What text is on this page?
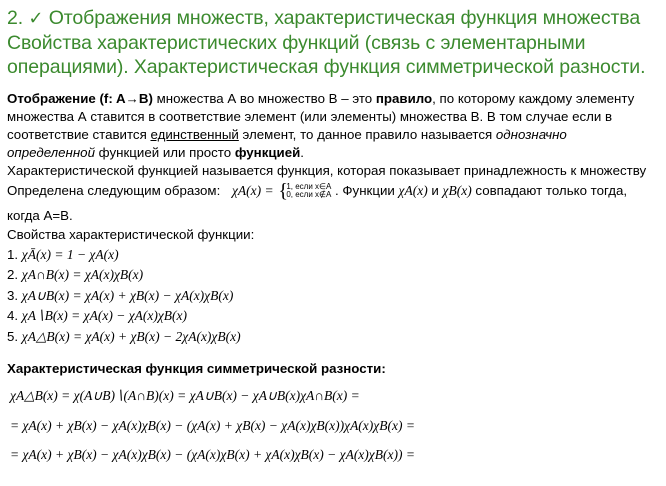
2. ✓ Отображения множеств, характеристическая функция множества
Свойства характеристических функций (связь с элементарными
операциями). Характеристическая функция симметрической разности.
Отображение (f: A→B) множества А во множество В – это правило, по которому каждому элементу
множества А ставится в соответствие элемент (или элементы) множества В. В том случае если в
соответствие ставится единственный элемент, то данное правило называется однозначно
определенной функцией или просто функцией.
Характеристической функцией называется функция, которая показывает принадлежность к множеству
Определена следующим образом: χA(x) = {
1, если x∈A
0, если x∉A . Функции χA(x) и χB(x) совпадают только тогда,
когда A=B.
Свойства характеристической функции:
1. χĀ(x) = 1 − χA(x)
2. χA∩B(x) = χA(x)χB(x)
3. χA∪B(x) = χA(x) + χB(x) − χA(x)χB(x)
4. χA∖B(x) = χA(x) − χA(x)χB(x)
5. χA△B(x) = χA(x) + χB(x) − 2χA(x)χB(x)
Характеристическая функция симметрической разности:
χA△B(x) = χ(A∪B)∖(A∩B)(x) = χA∪B(x) − χA∪B(x)χA∩B(x) =
= χA(x) + χB(x) − χA(x)χB(x) − (χA(x) + χB(x) − χA(x)χB(x))χA(x)χB(x) =
= χA(x) + χB(x) − χA(x)χB(x) − (χA(x)χB(x) + χA(x)χB(x) − χA(x)χB(x)) =
